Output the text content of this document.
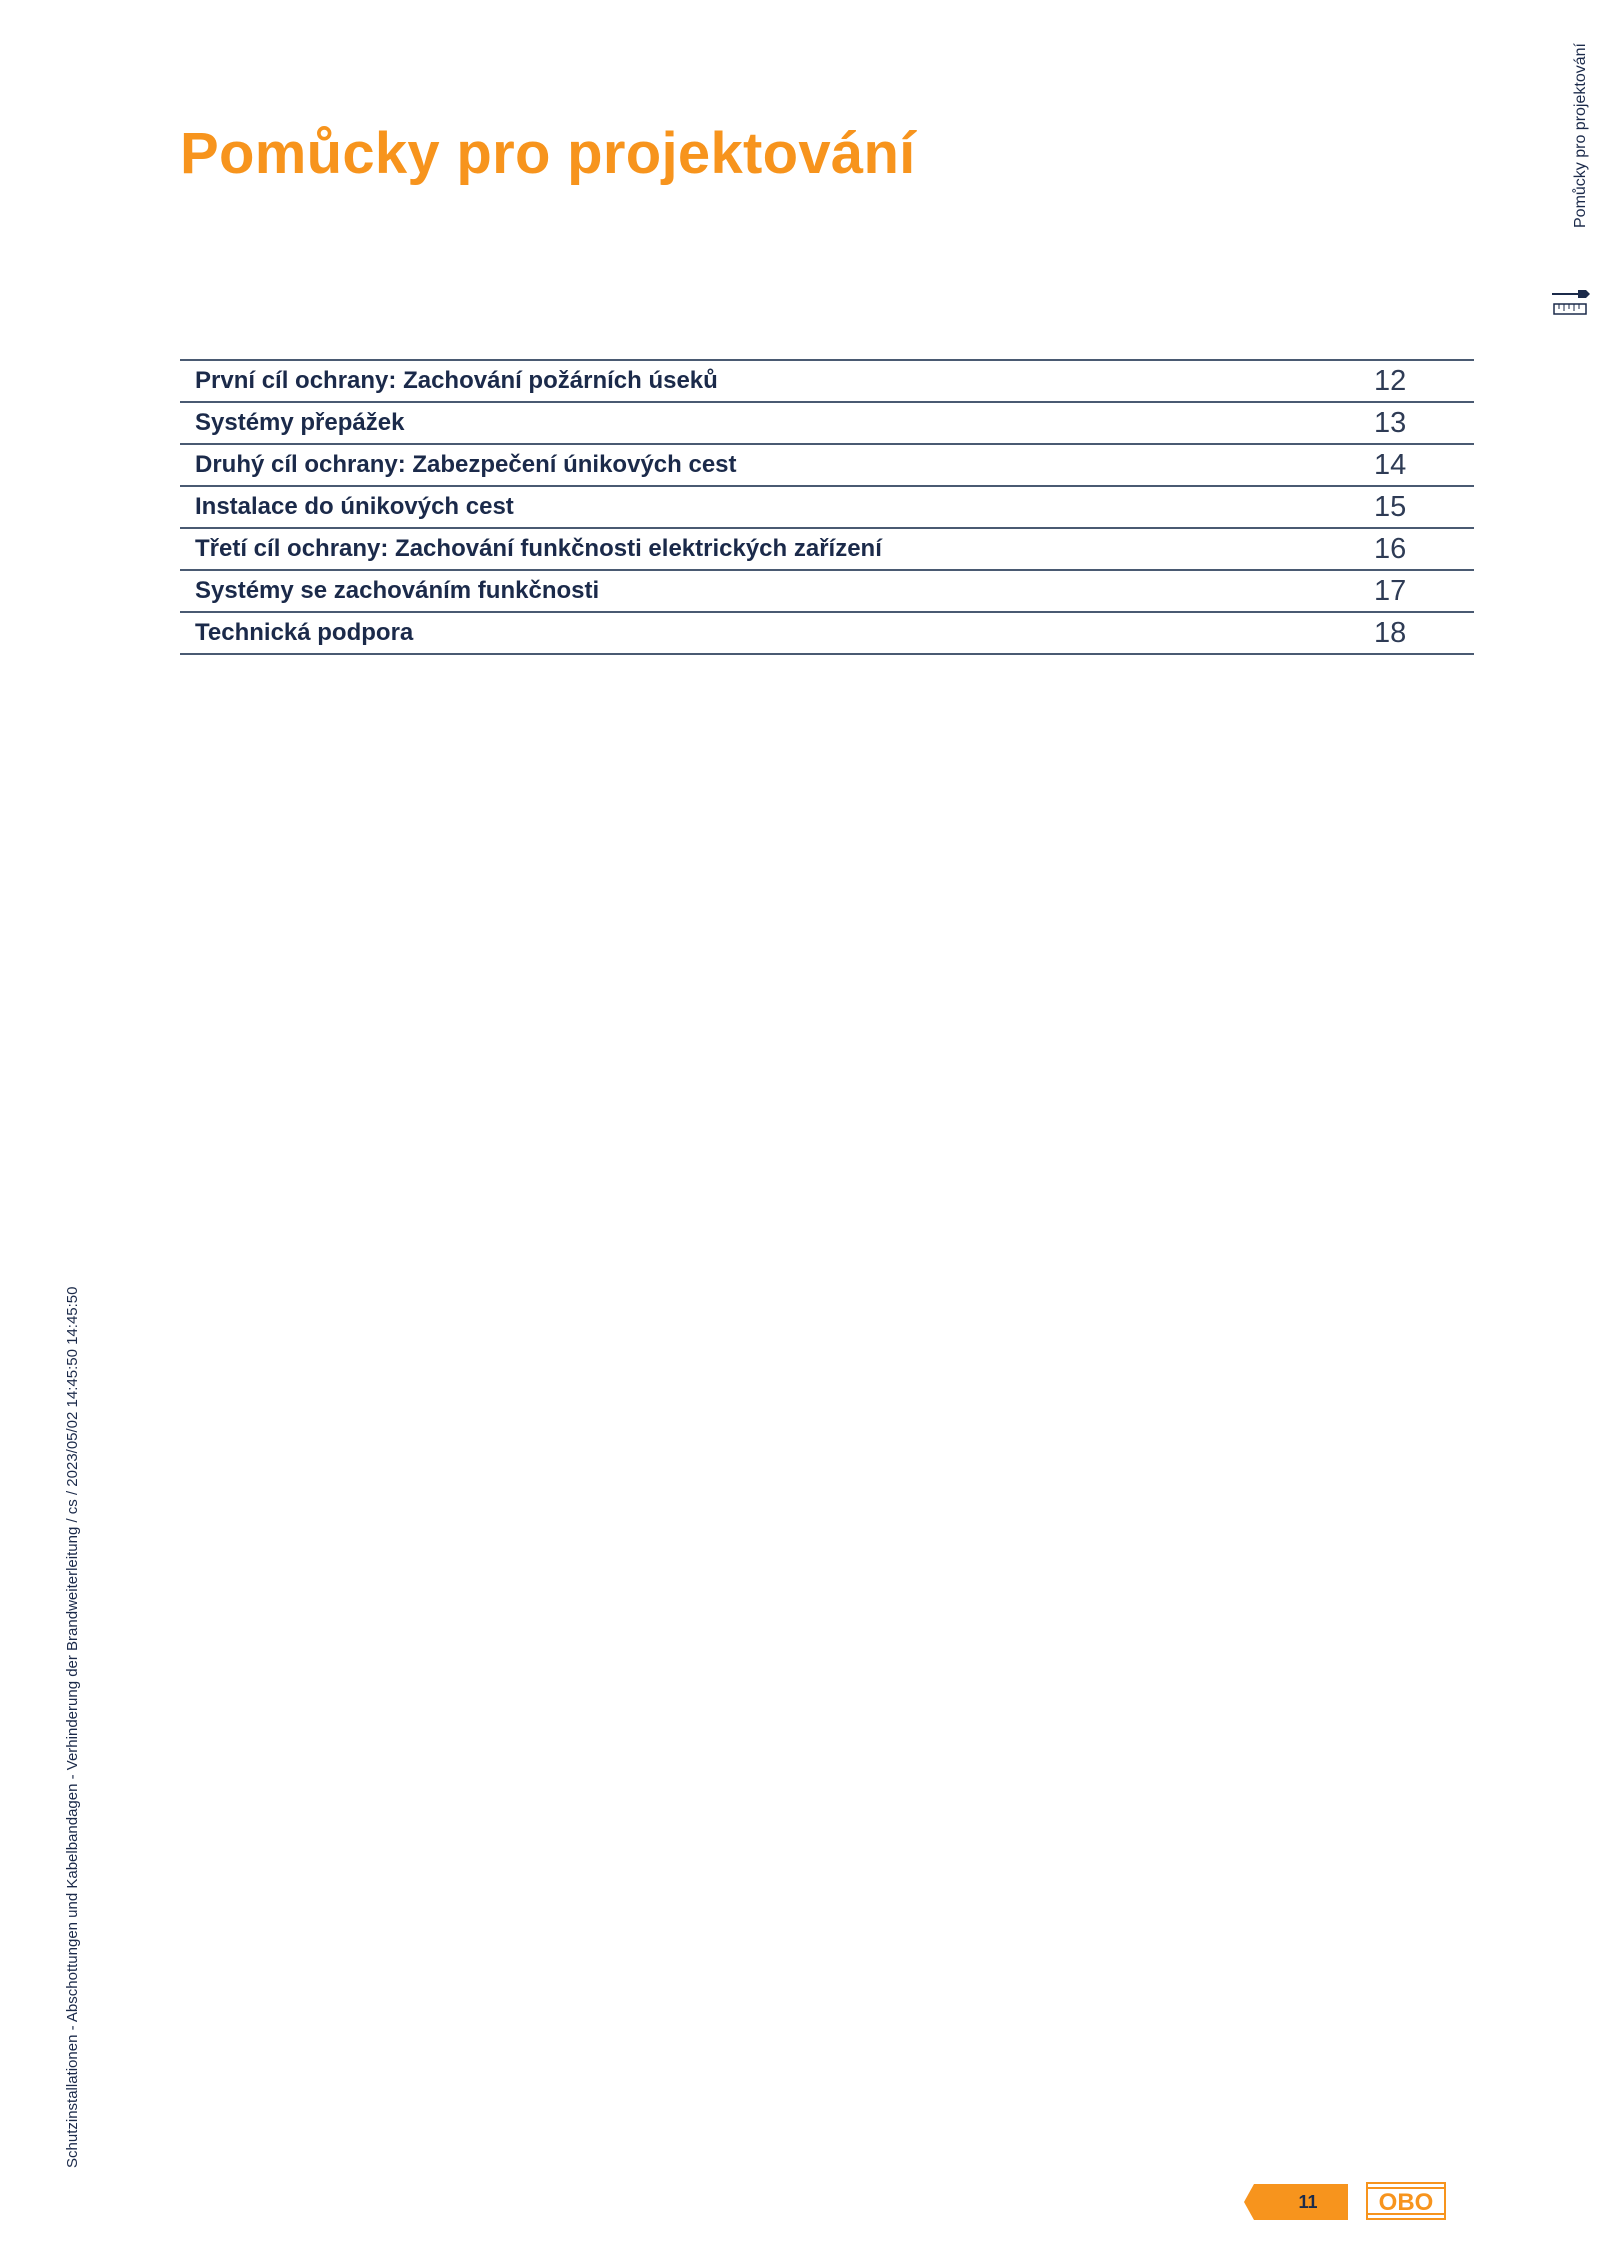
Pomůcky pro projektování	Pomůcky pro projektování
První cíl ochrany: Zachování požárních úseků	12
Systémy přepážek	13
Druhý cíl ochrany: Zabezpečení únikových cest	14
Instalace do únikových cest	15
Třetí cíl ochrany: Zachování funkčnosti elektrických zařízení	16
Systémy se zachováním funkčnosti	17
Technická podpora	18
Schutzinstallationen - Abschottungen und Kabelbandagen - Verhinderung der Brandweiterleitung / cs / 2023/05/02 14:45:50 14:45:50
11	OBO
